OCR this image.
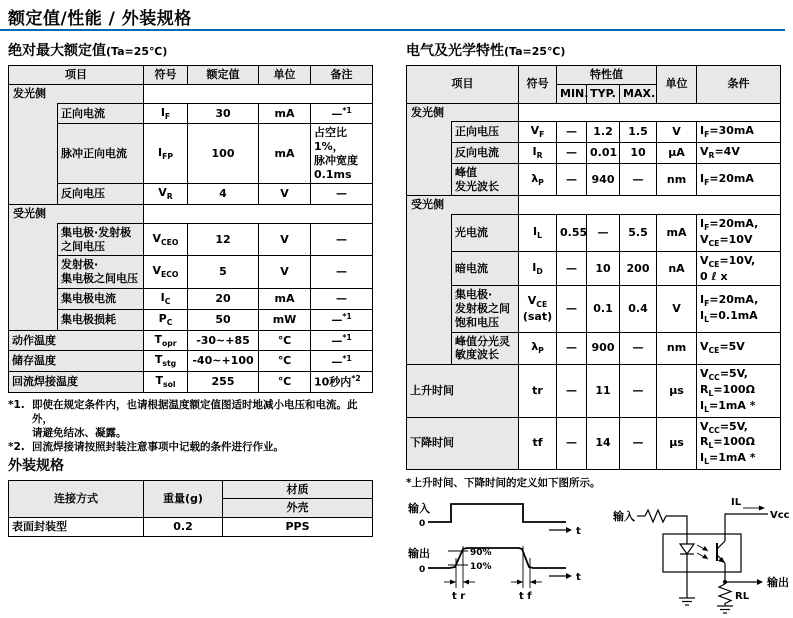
额定值/性能 / 外装规格
绝对最大额定值(Ta=25℃)
项目		符号	额定值	单位	备注
发光侧					
	正向电流	$I_F$	30	mA	—$^{*1}$
	脉冲正向电流	$I_{FP}$	100	mA	占空比1%，
脉冲宽度
0.1ms
	反向电压	$V_R$	4	V	—
受光侧					
	集电极·发射极
之间电压	$V_{CEO}$	12	V	—
	发射极·
集电极之间电压	$V_{ECO}$	5	V	—
	集电极电流	$I_C$	20	mA	—
	集电极损耗	$P_C$	50	mW	—$^{*1}$
动作温度		$T_{opr}$	-30~+85	℃	—$^{*1}$
储存温度		$T_{stg}$	-40~+100	℃	—$^{*1}$
回流焊接温度		$T_{sol}$	255	℃	10秒内$^{*2}$
*1. 即使在规定条件内，也请根据温度额定值图适时地减小电压和电流。此外，
请避免结冰、凝露。
*2. 回流焊接请按照封装注意事项中记载的条件进行作业。
外装规格
连接方式	重量(g)	材质
		外壳
表面封装型	0.2	PPS
电气及光学特性(Ta=25℃)
项目		符号	特性值			单位	条件
			MIN.	TYP.	MAX.		
发光侧							
	正向电压	$V_F$	—	1.2	1.5	V	$I_F=30mA$
	反向电流	$I_R$	—	0.01	10	μA	$V_R=4V$
	峰值
发光波长	$\lambda_P$	—	940	—	nm	$I_F=20mA$
受光侧							
	光电流	$I_L$	0.55	—	5.5	mA	$I_F=20mA$,
$V_{CE}=10V$
	暗电流	$I_D$	—	10	200	nA	$V_{CE}=10V$,
0 ℓ x
	集电极·
发射极之间
饱和电压	$V_{CE}$
(sat)	—	0.1	0.4	V	$I_F=20mA$,
$I_L=0.1mA$
	峰值分光灵
敏度波长	$\lambda_P$	—	900	—	nm	$V_{CE}=5V$
上升时间		tr	—	11	—	μs	$V_{CC}=5V$,
$R_L=100\Omega$
$I_L=1mA$ *
下降时间		tf	—	14	—	μs	$V_{CC}=5V$,
$R_L=100\Omega$
$I_L=1mA$ *
*上升时间、下降时间的定义如下图所示。
输入
0
t
输出
0
90%
10%
t r	t f
t
输入
IL
Vcc
输出
RL
